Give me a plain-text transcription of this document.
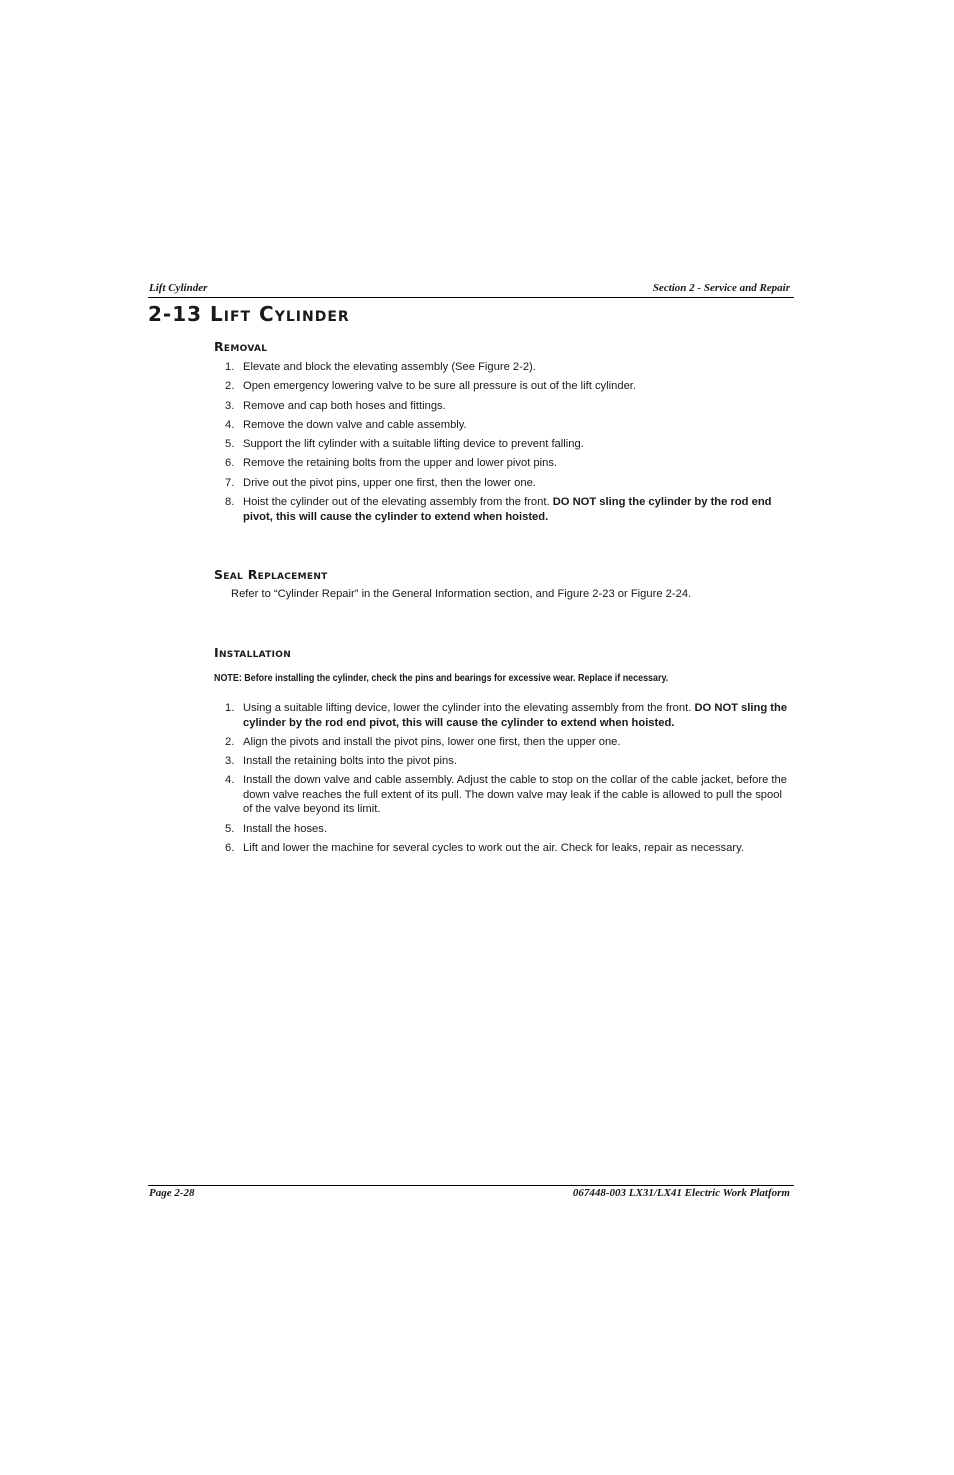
Lift Cylinder	Section 2 - Service and Repair
2-13 Lift Cylinder
Removal
1. Elevate and block the elevating assembly (See Figure 2-2).
2. Open emergency lowering valve to be sure all pressure is out of the lift cylinder.
3. Remove and cap both hoses and fittings.
4. Remove the down valve and cable assembly.
5. Support the lift cylinder with a suitable lifting device to prevent falling.
6. Remove the retaining bolts from the upper and lower pivot pins.
7. Drive out the pivot pins, upper one first, then the lower one.
8. Hoist the cylinder out of the elevating assembly from the front. DO NOT sling the cylinder by the rod end pivot, this will cause the cylinder to extend when hoisted.
Seal Replacement

Refer to “Cylinder Repair” in the General Information section, and Figure 2-23 or Figure 2-24.

Installation

NOTE: Before installing the cylinder, check the pins and bearings for excessive wear. Replace if necessary.

1. Using a suitable lifting device, lower the cylinder into the elevating assembly from the front. DO NOT sling the cylinder by the rod end pivot, this will cause the cylinder to extend when hoisted.
2. Align the pivots and install the pivot pins, lower one first, then the upper one.
3. Install the retaining bolts into the pivot pins.
4. Install the down valve and cable assembly. Adjust the cable to stop on the collar of the cable jacket, before the down valve reaches the full extent of its pull. The down valve may leak if the cable is allowed to pull the spool of the valve beyond its limit.
5. Install the hoses.
6. Lift and lower the machine for several cycles to work out the air. Check for leaks, repair as necessary.
Page 2-28	067448-003 LX31/LX41 Electric Work Platform
